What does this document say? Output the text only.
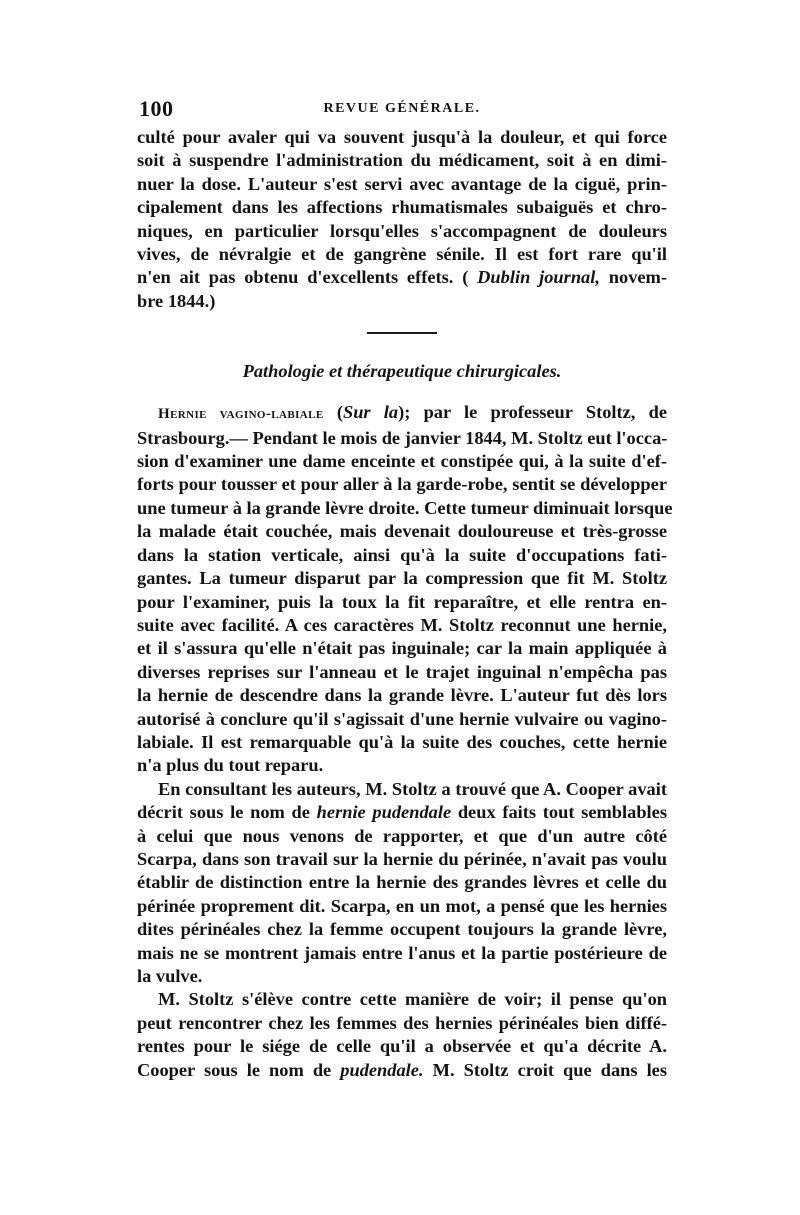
100	REVUE GÉNÉRALE.

culté pour avaler qui va souvent jusqu'à la douleur, et qui force
soit à suspendre l'administration du médicament, soit à en dimi-
nuer la dose. L'auteur s'est servi avec avantage de la ciguë, prin-
cipalement dans les affections rhumatismales subaiguës et chro-
niques, en particulier lorsqu'elles s'accompagnent de douleurs
vives, de névralgie et de gangrène sénile. Il est fort rare qu'il
n'en ait pas obtenu d'excellents effets. ( Dublin journal, novem-
bre 1844.)

Pathologie et thérapeutique chirurgicales.

Hernie vagino-labiale (Sur la); par le professeur Stoltz, de
Strasbourg.— Pendant le mois de janvier 1844, M. Stoltz eut l'occa-
sion d'examiner une dame enceinte et constipée qui, à la suite d'ef-
forts pour tousser et pour aller à la garde-robe, sentit se développer
une tumeur à la grande lèvre droite. Cette tumeur diminuait lorsque
la malade était couchée, mais devenait douloureuse et très-grosse
dans la station verticale, ainsi qu'à la suite d'occupations fati-
gantes. La tumeur disparut par la compression que fit M. Stoltz
pour l'examiner, puis la toux la fit reparaître, et elle rentra en-
suite avec facilité. A ces caractères M. Stoltz reconnut une hernie,
et il s'assura qu'elle n'était pas inguinale; car la main appliquée à
diverses reprises sur l'anneau et le trajet inguinal n'empêcha pas
la hernie de descendre dans la grande lèvre. L'auteur fut dès lors
autorisé à conclure qu'il s'agissait d'une hernie vulvaire ou vagino-
labiale. Il est remarquable qu'à la suite des couches, cette hernie
n'a plus du tout reparu.

En consultant les auteurs, M. Stoltz a trouvé que A. Cooper avait
décrit sous le nom de hernie pudendale deux faits tout semblables
à celui que nous venons de rapporter, et que d'un autre côté
Scarpa, dans son travail sur la hernie du périnée, n'avait pas voulu
établir de distinction entre la hernie des grandes lèvres et celle du
périnée proprement dit. Scarpa, en un mot, a pensé que les hernies
dites périnéales chez la femme occupent toujours la grande lèvre,
mais ne se montrent jamais entre l'anus et la partie postérieure de
la vulve.

M. Stoltz s'élève contre cette manière de voir; il pense qu'on
peut rencontrer chez les femmes des hernies périnéales bien diffé-
rentes pour le siége de celle qu'il a observée et qu'a décrite A.
Cooper sous le nom de pudendale. M. Stoltz croit que dans les
